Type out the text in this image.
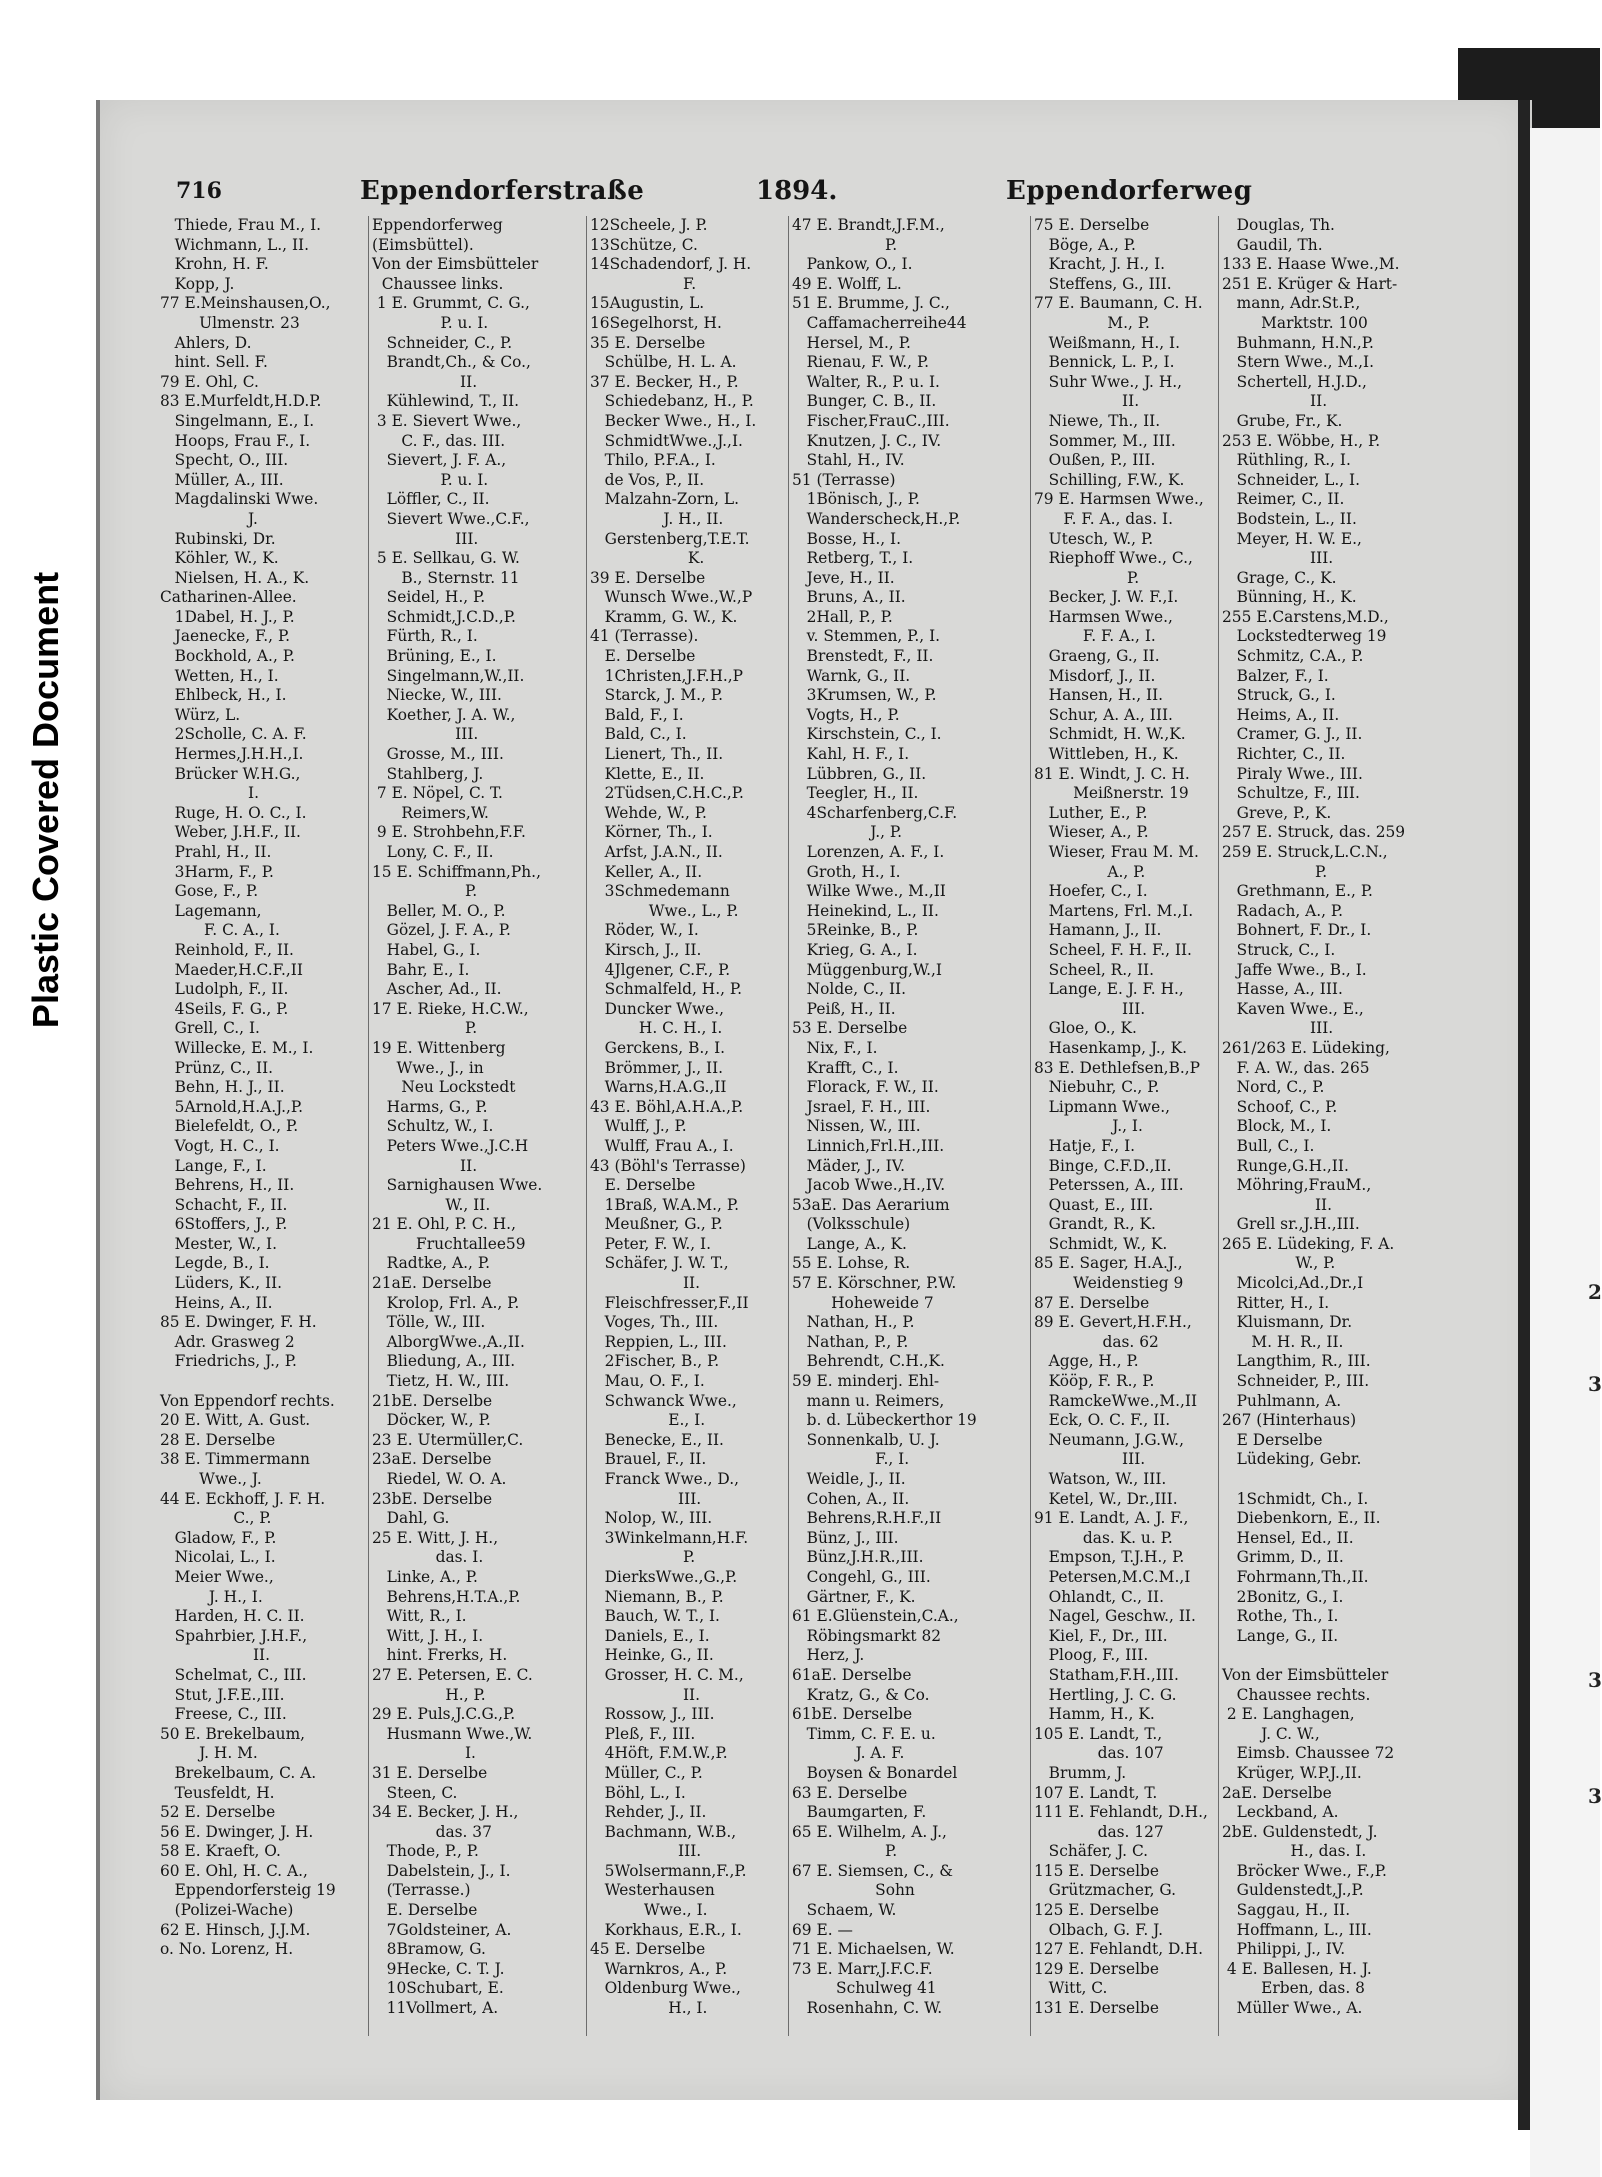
Plastic Covered Document
2
3
3
3
716	Eppendorferstraße	1894.	Eppendorferweg
Thiede, Frau M., I.
Wichmann, L., II.
Krohn, H. F.
Kopp, J.
77 E.Meinshausen,O.,
Ulmenstr. 23
Ahlers, D.
hint. Sell. F.
79 E. Ohl, C.
83 E.Murfeldt,H.D.P.
Singelmann, E., I.
Hoops, Frau F., I.
Specht, O., III.
Müller, A., III.
Magdalinski Wwe.
J.
Rubinski, Dr.
Köhler, W., K.
Nielsen, H. A., K.
Catharinen-Allee.
1Dabel, H. J., P.
Jaenecke, F., P.
Bockhold, A., P.
Wetten, H., I.
Ehlbeck, H., I.
Würz, L.
2Scholle, C. A. F.
Hermes,J.H.H.,I.
Brücker W.H.G.,
I.
Ruge, H. O. C., I.
Weber, J.H.F., II.
Prahl, H., II.
3Harm, F., P.
Gose, F., P.
Lagemann,
F. C. A., I.
Reinhold, F., II.
Maeder,H.C.F.,II
Ludolph, F., II.
4Seils, F. G., P.
Grell, C., I.
Willecke, E. M., I.
Prünz, C., II.
Behn, H. J., II.
5Arnold,H.A.J.,P.
Bielefeldt, O., P.
Vogt, H. C., I.
Lange, F., I.
Behrens, H., II.
Schacht, F., II.
6Stoffers, J., P.
Mester, W., I.
Legde, B., I.
Lüders, K., II.
Heins, A., II.
85 E. Dwinger, F. H.
Adr. Grasweg 2
Friedrichs, J., P.

Von Eppendorf rechts.
20 E. Witt, A. Gust.
28 E. Derselbe
38 E. Timmermann
Wwe., J.
44 E. Eckhoff, J. F. H.
C., P.
Gladow, F., P.
Nicolai, L., I.
Meier Wwe.,
J. H., I.
Harden, H. C. II.
Spahrbier, J.H.F.,
II.
Schelmat, C., III.
Stut, J.F.E.,III.
Freese, C., III.
50 E. Brekelbaum,
J. H. M.
Brekelbaum, C. A.
Teusfeldt, H.
52 E. Derselbe
56 E. Dwinger, J. H.
58 E. Kraeft, O.
60 E. Ohl, H. C. A.,
Eppendorfersteig 19
(Polizei-Wache)
62 E. Hinsch, J.J.M.
o. No. Lorenz, H.
Eppendorferweg
(Eimsbüttel).
Von der Eimsbütteler
Chaussee links.
1 E. Grummt, C. G.,
P. u. I.
Schneider, C., P.
Brandt,Ch., & Co.,
II.
Kühlewind, T., II.
3 E. Sievert Wwe.,
C. F., das. III.
Sievert, J. F. A.,
P. u. I.
Löffler, C., II.
Sievert Wwe.,C.F.,
III.
5 E. Sellkau, G. W.
B., Sternstr. 11
Seidel, H., P.
Schmidt,J.C.D.,P.
Fürth, R., I.
Brüning, E., I.
Singelmann,W.,II.
Niecke, W., III.
Koether, J. A. W.,
III.
Grosse, M., III.
Stahlberg, J.
7 E. Nöpel, C. T.
Reimers,W.
9 E. Strohbehn,F.F.
Lony, C. F., II.
15 E. Schiffmann,Ph.,
P.
Beller, M. O., P.
Gözel, J. F. A., P.
Habel, G., I.
Bahr, E., I.
Ascher, Ad., II.
17 E. Rieke, H.C.W.,
P.
19 E. Wittenberg
Wwe., J., in
Neu Lockstedt
Harms, G., P.
Schultz, W., I.
Peters Wwe.,J.C.H
II.
Sarnighausen Wwe.
W., II.
21 E. Ohl, P. C. H.,
Fruchtallee59
Radtke, A., P.
21aE. Derselbe
Krolop, Frl. A., P.
Tölle, W., III.
AlborgWwe.,A.,II.
Bliedung, A., III.
Tietz, H. W., III.
21bE. Derselbe
Döcker, W., P.
23 E. Utermüller,C.
23aE. Derselbe
Riedel, W. O. A.
23bE. Derselbe
Dahl, G.
25 E. Witt, J. H.,
das. I.
Linke, A., P.
Behrens,H.T.A.,P.
Witt, R., I.
Witt, J. H., I.
hint. Frerks, H.
27 E. Petersen, E. C.
H., P.
29 E. Puls,J.C.G.,P.
Husmann Wwe.,W.
I.
31 E. Derselbe
Steen, C.
34 E. Becker, J. H.,
das. 37
Thode, P., P.
Dabelstein, J., I.
(Terrasse.)
E. Derselbe
7Goldsteiner, A.
8Bramow, G.
9Hecke, C. T. J.
10Schubart, E.
11Vollmert, A.
12Scheele, J. P.
13Schütze, C.
14Schadendorf, J. H.
F.
15Augustin, L.
16Segelhorst, H.
35 E. Derselbe
Schülbe, H. L. A.
37 E. Becker, H., P.
Schiedebanz, H., P.
Becker Wwe., H., I.
SchmidtWwe.,J.,I.
Thilo, P.F.A., I.
de Vos, P., II.
Malzahn-Zorn, L.
J. H., II.
Gerstenberg,T.E.T.
K.
39 E. Derselbe
Wunsch Wwe.,W.,P
Kramm, G. W., K.
41 (Terrasse).
E. Derselbe
1Christen,J.F.H.,P
Starck, J. M., P.
Bald, F., I.
Bald, C., I.
Lienert, Th., II.
Klette, E., II.
2Tüdsen,C.H.C.,P.
Wehde, W., P.
Körner, Th., I.
Arfst, J.A.N., II.
Keller, A., II.
3Schmedemann
Wwe., L., P.
Röder, W., I.
Kirsch, J., II.
4Jlgener, C.F., P.
Schmalfeld, H., P.
Duncker Wwe.,
H. C. H., I.
Gerckens, B., I.
Brömmer, J., II.
Warns,H.A.G.,II
43 E. Böhl,A.H.A.,P.
Wulff, J., P.
Wulff, Frau A., I.
43 (Böhl's Terrasse)
E. Derselbe
1Braß, W.A.M., P.
Meußner, G., P.
Peter, F. W., I.
Schäfer, J. W. T.,
II.
Fleischfresser,F.,II
Voges, Th., III.
Reppien, L., III.
2Fischer, B., P.
Mau, O. F., I.
Schwanck Wwe.,
E., I.
Benecke, E., II.
Brauel, F., II.
Franck Wwe., D.,
III.
Nolop, W., III.
3Winkelmann,H.F.
P.
DierksWwe.,G.,P.
Niemann, B., P.
Bauch, W. T., I.
Daniels, E., I.
Heinke, G., II.
Grosser, H. C. M.,
II.
Rossow, J., III.
Pleß, F., III.
4Höft, F.M.W.,P.
Müller, C., P.
Böhl, L., I.
Rehder, J., II.
Bachmann, W.B.,
III.
5Wolsermann,F.,P.
Westerhausen
Wwe., I.
Korkhaus, E.R., I.
45 E. Derselbe
Warnkros, A., P.
Oldenburg Wwe.,
H., I.
47 E. Brandt,J.F.M.,
P.
Pankow, O., I.
49 E. Wolff, L.
51 E. Brumme, J. C.,
Caffamacherreihe44
Hersel, M., P.
Rienau, F. W., P.
Walter, R., P. u. I.
Bunger, C. B., II.
Fischer,FrauC.,III.
Knutzen, J. C., IV.
Stahl, H., IV.
51 (Terrasse)
1Bönisch, J., P.
Wanderscheck,H.,P.
Bosse, H., I.
Retberg, T., I.
Jeve, H., II.
Bruns, A., II.
2Hall, P., P.
v. Stemmen, P., I.
Brenstedt, F., II.
Warnk, G., II.
3Krumsen, W., P.
Vogts, H., P.
Kirschstein, C., I.
Kahl, H. F., I.
Lübbren, G., II.
Teegler, H., II.
4Scharfenberg,C.F.
J., P.
Lorenzen, A. F., I.
Groth, H., I.
Wilke Wwe., M.,II
Heinekind, L., II.
5Reinke, B., P.
Krieg, G. A., I.
Müggenburg,W.,I
Nolde, C., II.
Peiß, H., II.
53 E. Derselbe
Nix, F., I.
Krafft, C., I.
Florack, F. W., II.
Jsrael, F. H., III.
Nissen, W., III.
Linnich,Frl.H.,III.
Mäder, J., IV.
Jacob Wwe.,H.,IV.
53aE. Das Aerarium
(Volksschule)
Lange, A., K.
55 E. Lohse, R.
57 E. Körschner, P.W.
Hoheweide 7
Nathan, H., P.
Nathan, P., P.
Behrendt, C.H.,K.
59 E. minderj. Ehl-
mann u. Reimers,
b. d. Lübeckerthor 19
Sonnenkalb, U. J.
F., I.
Weidle, J., II.
Cohen, A., II.
Behrens,R.H.F.,II
Bünz, J., III.
Bünz,J.H.R.,III.
Congehl, G., III.
Gärtner, F., K.
61 E.Glüenstein,C.A.,
Röbingsmarkt 82
Herz, J.
61aE. Derselbe
Kratz, G., & Co.
61bE. Derselbe
Timm, C. F. E. u.
J. A. F.
Boysen & Bonardel
63 E. Derselbe
Baumgarten, F.
65 E. Wilhelm, A. J.,
P.
67 E. Siemsen, C., &
Sohn
Schaem, W.
69 E. —
71 E. Michaelsen, W.
73 E. Marr,J.F.C.F.
Schulweg 41
Rosenhahn, C. W.
75 E. Derselbe
Böge, A., P.
Kracht, J. H., I.
Steffens, G., III.
77 E. Baumann, C. H.
M., P.
Weißmann, H., I.
Bennick, L. P., I.
Suhr Wwe., J. H.,
II.
Niewe, Th., II.
Sommer, M., III.
Oußen, P., III.
Schilling, F.W., K.
79 E. Harmsen Wwe.,
F. F. A., das. I.
Utesch, W., P.
Riephoff Wwe., C.,
P.
Becker, J. W. F.,I.
Harmsen Wwe.,
F. F. A., I.
Graeng, G., II.
Misdorf, J., II.
Hansen, H., II.
Schur, A. A., III.
Schmidt, H. W.,K.
Wittleben, H., K.
81 E. Windt, J. C. H.
Meißnerstr. 19
Luther, E., P.
Wieser, A., P.
Wieser, Frau M. M.
A., P.
Hoefer, C., I.
Martens, Frl. M.,I.
Hamann, J., II.
Scheel, F. H. F., II.
Scheel, R., II.
Lange, E. J. F. H.,
III.
Gloe, O., K.
Hasenkamp, J., K.
83 E. Dethlefsen,B.,P
Niebuhr, C., P.
Lipmann Wwe.,
J., I.
Hatje, F., I.
Binge, C.F.D.,II.
Peterssen, A., III.
Quast, E., III.
Grandt, R., K.
Schmidt, W., K.
85 E. Sager, H.A.J.,
Weidenstieg 9
87 E. Derselbe
89 E. Gevert,H.F.H.,
das. 62
Agge, H., P.
Kööp, F. R., P.
RamckeWwe.,M.,II
Eck, O. C. F., II.
Neumann, J.G.W.,
III.
Watson, W., III.
Ketel, W., Dr.,III.
91 E. Landt, A. J. F.,
das. K. u. P.
Empson, T.J.H., P.
Petersen,M.C.M.,I
Ohlandt, C., II.
Nagel, Geschw., II.
Kiel, F., Dr., III.
Ploog, F., III.
Statham,F.H.,III.
Hertling, J. C. G.
Hamm, H., K.
105 E. Landt, T.,
das. 107
Brumm, J.
107 E. Landt, T.
111 E. Fehlandt, D.H.,
das. 127
Schäfer, J. C.
115 E. Derselbe
Grützmacher, G.
125 E. Derselbe
Olbach, G. F. J.
127 E. Fehlandt, D.H.
129 E. Derselbe
Witt, C.
131 E. Derselbe
Douglas, Th.
Gaudil, Th.
133 E. Haase Wwe.,M.
251 E. Krüger & Hart-
mann, Adr.St.P.,
Marktstr. 100
Buhmann, H.N.,P.
Stern Wwe., M.,I.
Schertell, H.J.D.,
II.
Grube, Fr., K.
253 E. Wöbbe, H., P.
Rüthling, R., I.
Schneider, L., I.
Reimer, C., II.
Bodstein, L., II.
Meyer, H. W. E.,
III.
Grage, C., K.
Bünning, H., K.
255 E.Carstens,M.D.,
Lockstedterweg 19
Schmitz, C.A., P.
Balzer, F., I.
Struck, G., I.
Heims, A., II.
Cramer, G. J., II.
Richter, C., II.
Piraly Wwe., III.
Schultze, F., III.
Greve, P., K.
257 E. Struck, das. 259
259 E. Struck,L.C.N.,
P.
Grethmann, E., P.
Radach, A., P.
Bohnert, F. Dr., I.
Struck, C., I.
Jaffe Wwe., B., I.
Hasse, A., III.
Kaven Wwe., E.,
III.
261/263 E. Lüdeking,
F. A. W., das. 265
Nord, C., P.
Schoof, C., P.
Block, M., I.
Bull, C., I.
Runge,G.H.,II.
Möhring,FrauM.,
II.
Grell sr.,J.H.,III.
265 E. Lüdeking, F. A.
W., P.
Micolci,Ad.,Dr.,I
Ritter, H., I.
Kluismann, Dr.
M. H. R., II.
Langthim, R., III.
Schneider, P., III.
Puhlmann, A.
267 (Hinterhaus)
E Derselbe
Lüdeking, Gebr.

1Schmidt, Ch., I.
Diebenkorn, E., II.
Hensel, Ed., II.
Grimm, D., II.
Fohrmann,Th.,II.
2Bonitz, G., I.
Rothe, Th., I.
Lange, G., II.

Von der Eimsbütteler
Chaussee rechts.
2 E. Langhagen,
J. C. W.,
Eimsb. Chaussee 72
Krüger, W.P.J.,II.
2aE. Derselbe
Leckband, A.
2bE. Guldenstedt, J.
H., das. I.
Bröcker Wwe., F.,P.
Guldenstedt,J.,P.
Saggau, H., II.
Hoffmann, L., III.
Philippi, J., IV.
4 E. Ballesen, H. J.
Erben, das. 8
Müller Wwe., A.
